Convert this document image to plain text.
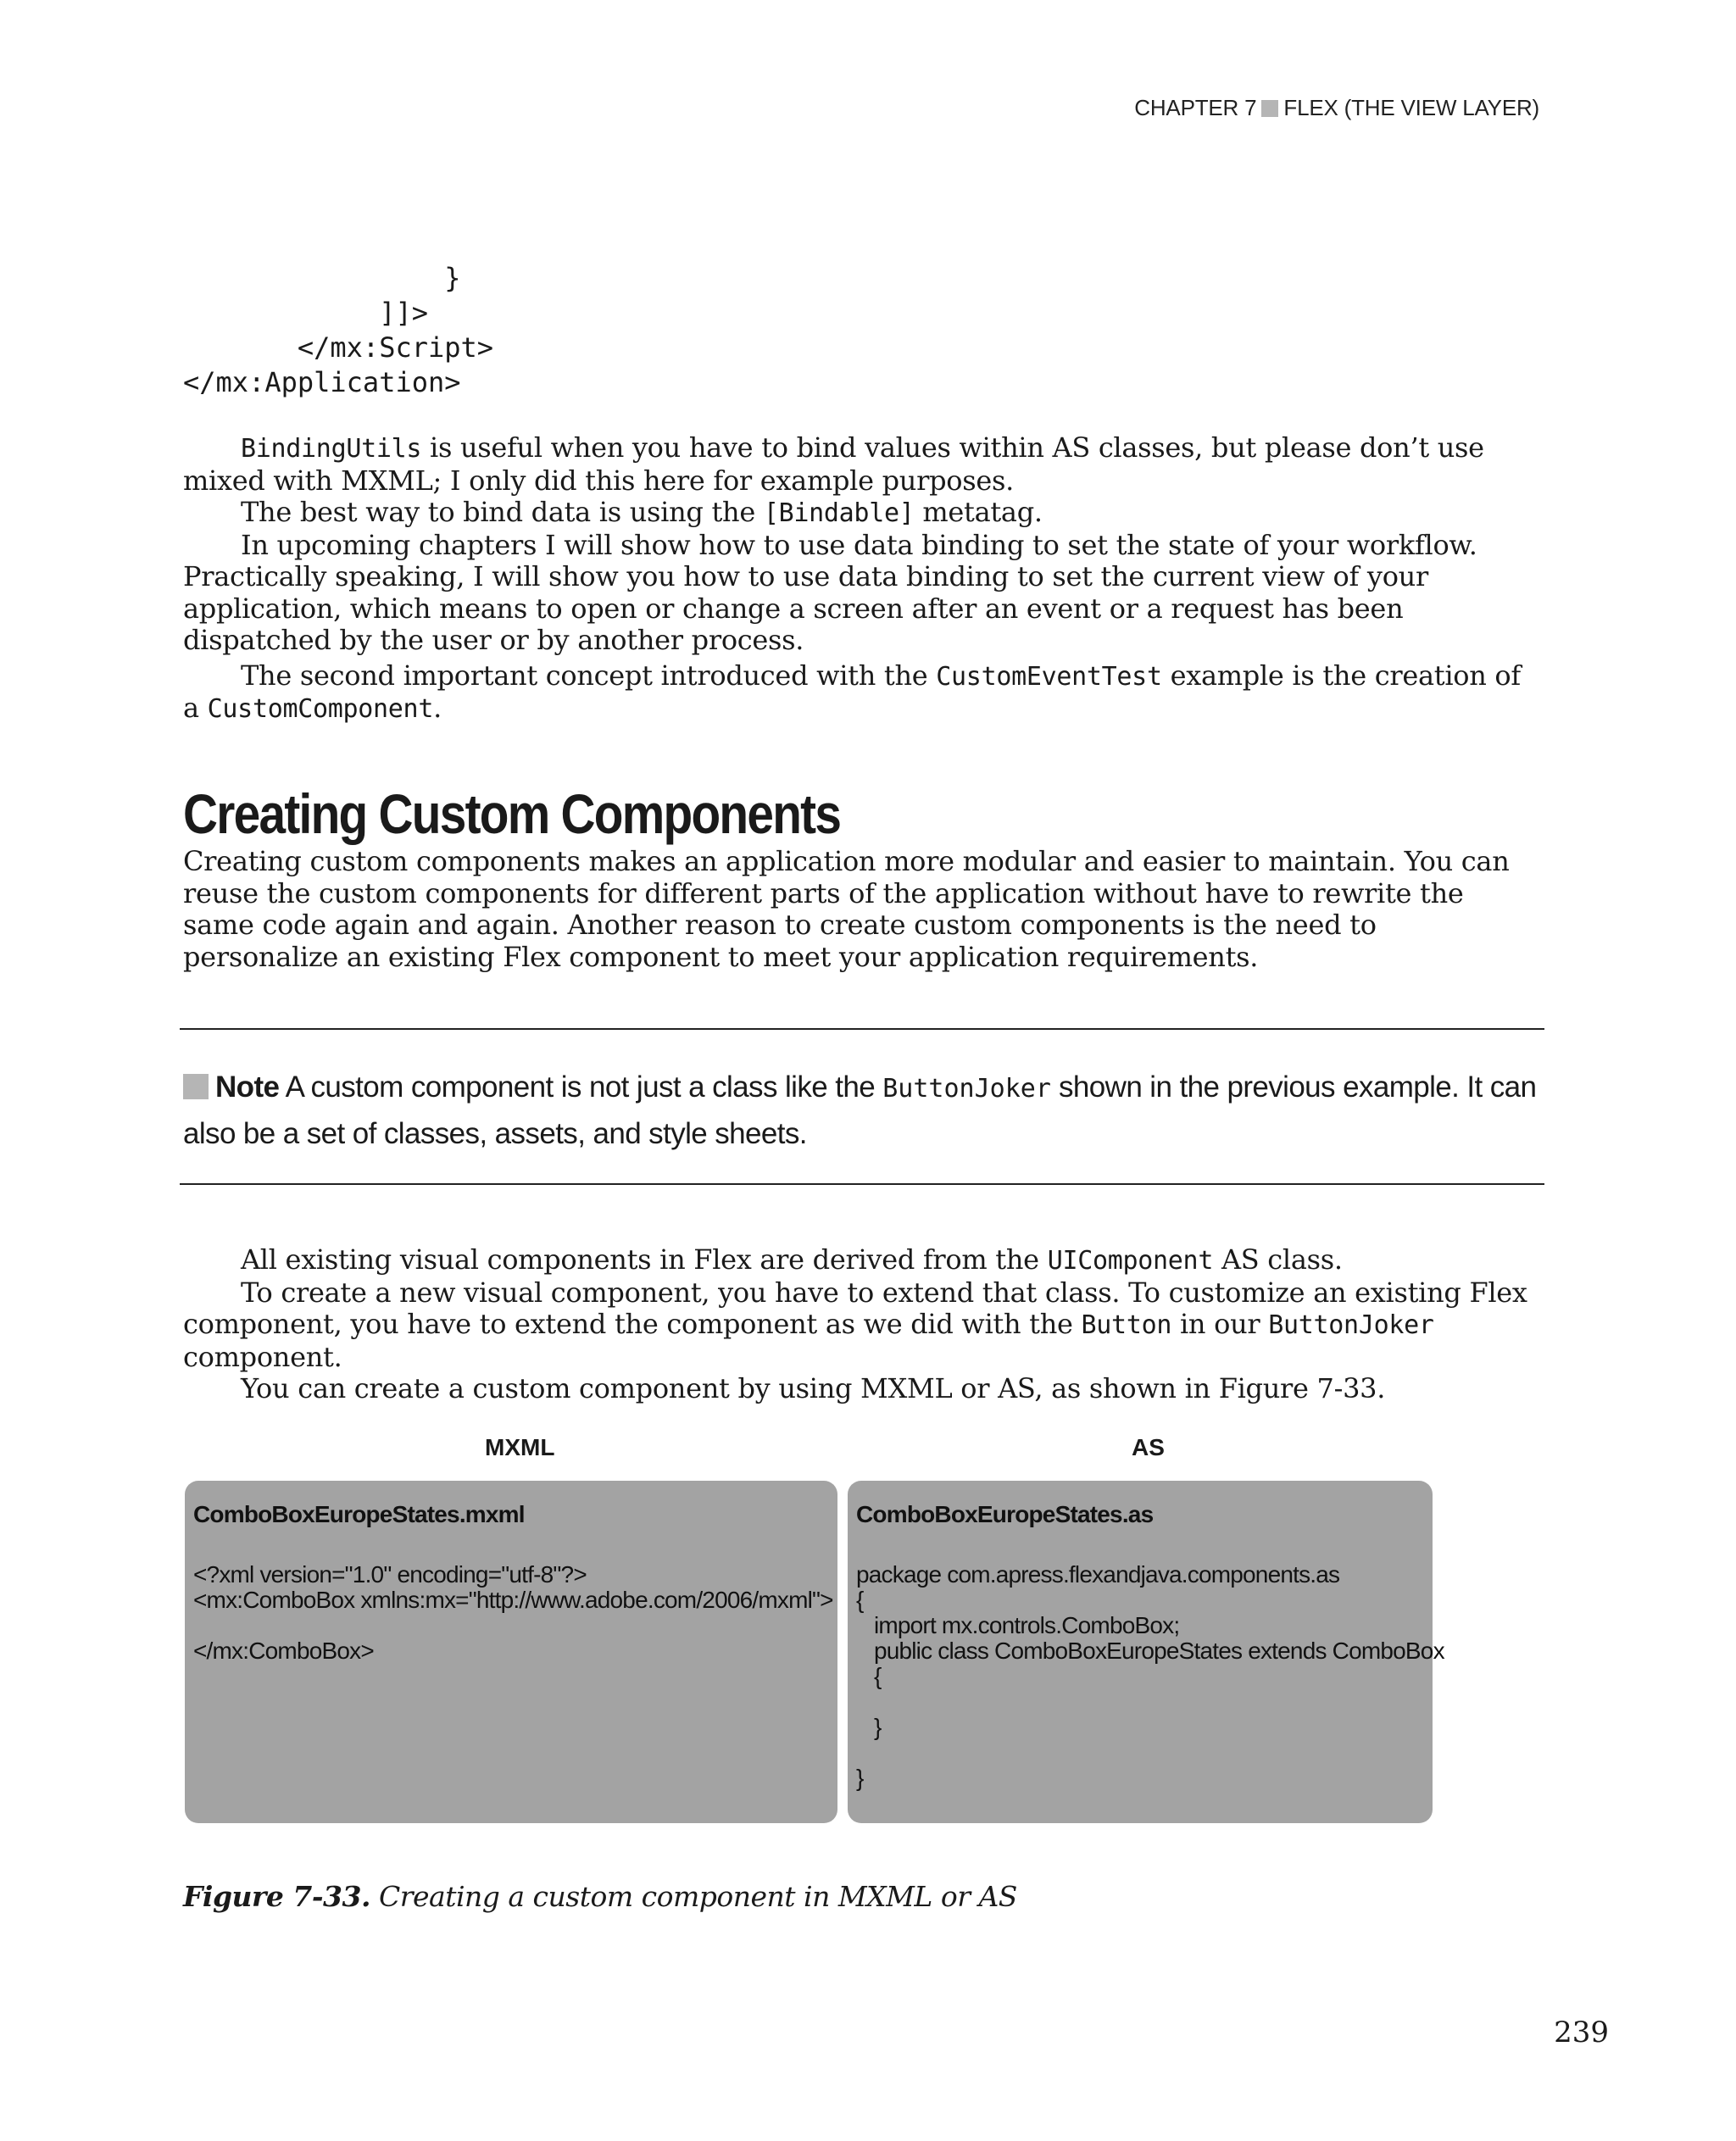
CHAPTER 7 FLEX (THE VIEW LAYER)
}
]]>
</mx:Script>
</mx:Application>

BindingUtils is useful when you have to bind values within AS classes, but please don’t use mixed with MXML; I only did this here for example purposes.

The best way to bind data is using the [Bindable] metatag.

In upcoming chapters I will show how to use data binding to set the state of your workflow. Practically speaking, I will show you how to use data binding to set the current view of your application, which means to open or change a screen after an event or a request has been dispatched by the user or by another process.

The second important concept introduced with the CustomEventTest example is the creation of a CustomComponent.

Creating Custom Components

Creating custom components makes an application more modular and easier to maintain. You can reuse the custom components for different parts of the application without have to rewrite the same code again and again. Another reason to create custom components is the need to personalize an existing Flex component to meet your application requirements.

Note A custom component is not just a class like the ButtonJoker shown in the previous example. It can also be a set of classes, assets, and style sheets.

All existing visual components in Flex are derived from the UIComponent AS class.

To create a new visual component, you have to extend that class. To customize an existing Flex component, you have to extend the component as we did with the Button in our ButtonJoker component.

You can create a custom component by using MXML or AS, as shown in Figure 7-33.

MXML	AS
ComboBoxEuropeStates.mxml
<?xml version="1.0" encoding="utf-8"?>
<mx:ComboBox xmlns:mx="http://www.adobe.com/2006/mxml">

</mx:ComboBox>
ComboBoxEuropeStates.as
package com.apress.flexandjava.components.as
{
import mx.controls.ComboBox;
public class ComboBoxEuropeStates extends ComboBox
{

}

}
Figure 7-33. Creating a custom component in MXML or AS
239
